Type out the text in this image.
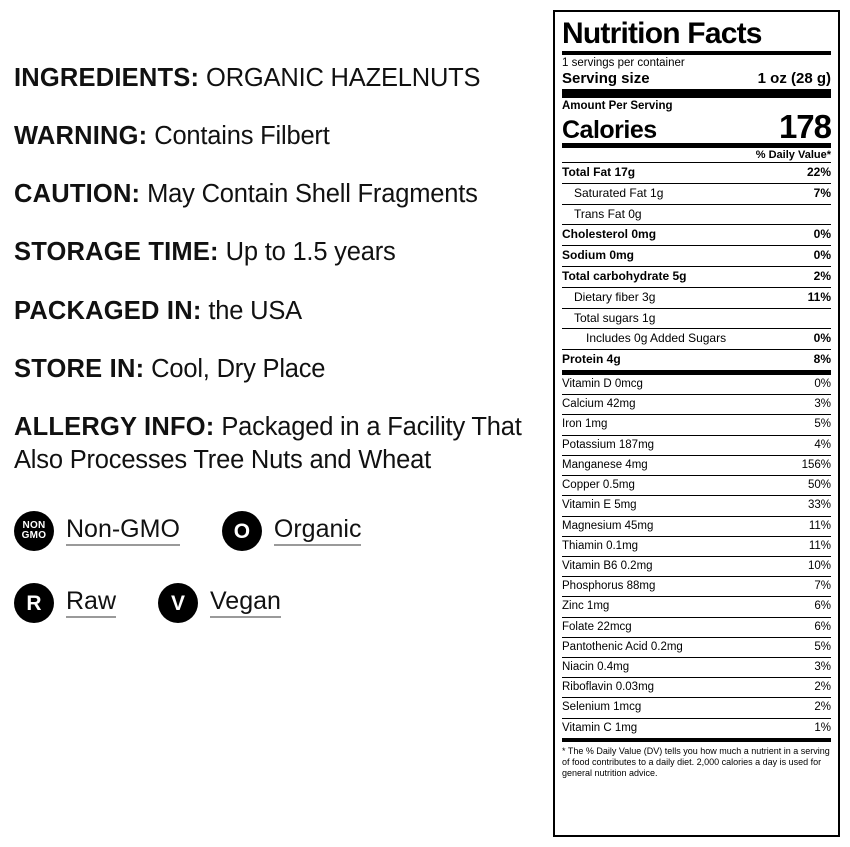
INGREDIENTS: ORGANIC HAZELNUTS

WARNING: Contains Filbert

CAUTION: May Contain Shell Fragments

STORAGE TIME: Up to 1.5 years

PACKAGED IN: the USA

STORE IN: Cool, Dry Place

ALLERGY INFO: Packaged in a Facility That Also Processes Tree Nuts and Wheat

NON
GMO Non-GMO	O Organic
R Raw	V Vegan
Nutrition Facts
1 servings per container
Serving size	1 oz (28 g)
Amount Per Serving
Calories	178
% Daily Value*
Total Fat 17g	22%
Saturated Fat 1g	7%
Trans Fat 0g
Cholesterol 0mg	0%
Sodium 0mg	0%
Total carbohydrate 5g	2%
Dietary fiber 3g	11%
Total sugars 1g
Includes 0g Added Sugars	0%
Protein 4g	8%
Vitamin D 0mcg	0%
Calcium 42mg	3%
Iron 1mg	5%
Potassium 187mg	4%
Manganese 4mg	156%
Copper 0.5mg	50%
Vitamin E 5mg	33%
Magnesium 45mg	11%
Thiamin 0.1mg	11%
Vitamin B6 0.2mg	10%
Phosphorus 88mg	7%
Zinc 1mg	6%
Folate 22mcg	6%
Pantothenic Acid 0.2mg	5%
Niacin 0.4mg	3%
Riboflavin 0.03mg	2%
Selenium 1mcg	2%
Vitamin C 1mg	1%
* The % Daily Value (DV) tells you how much a nutrient in a serving of food contributes to a daily diet. 2,000 calories a day is used for general nutrition advice.
